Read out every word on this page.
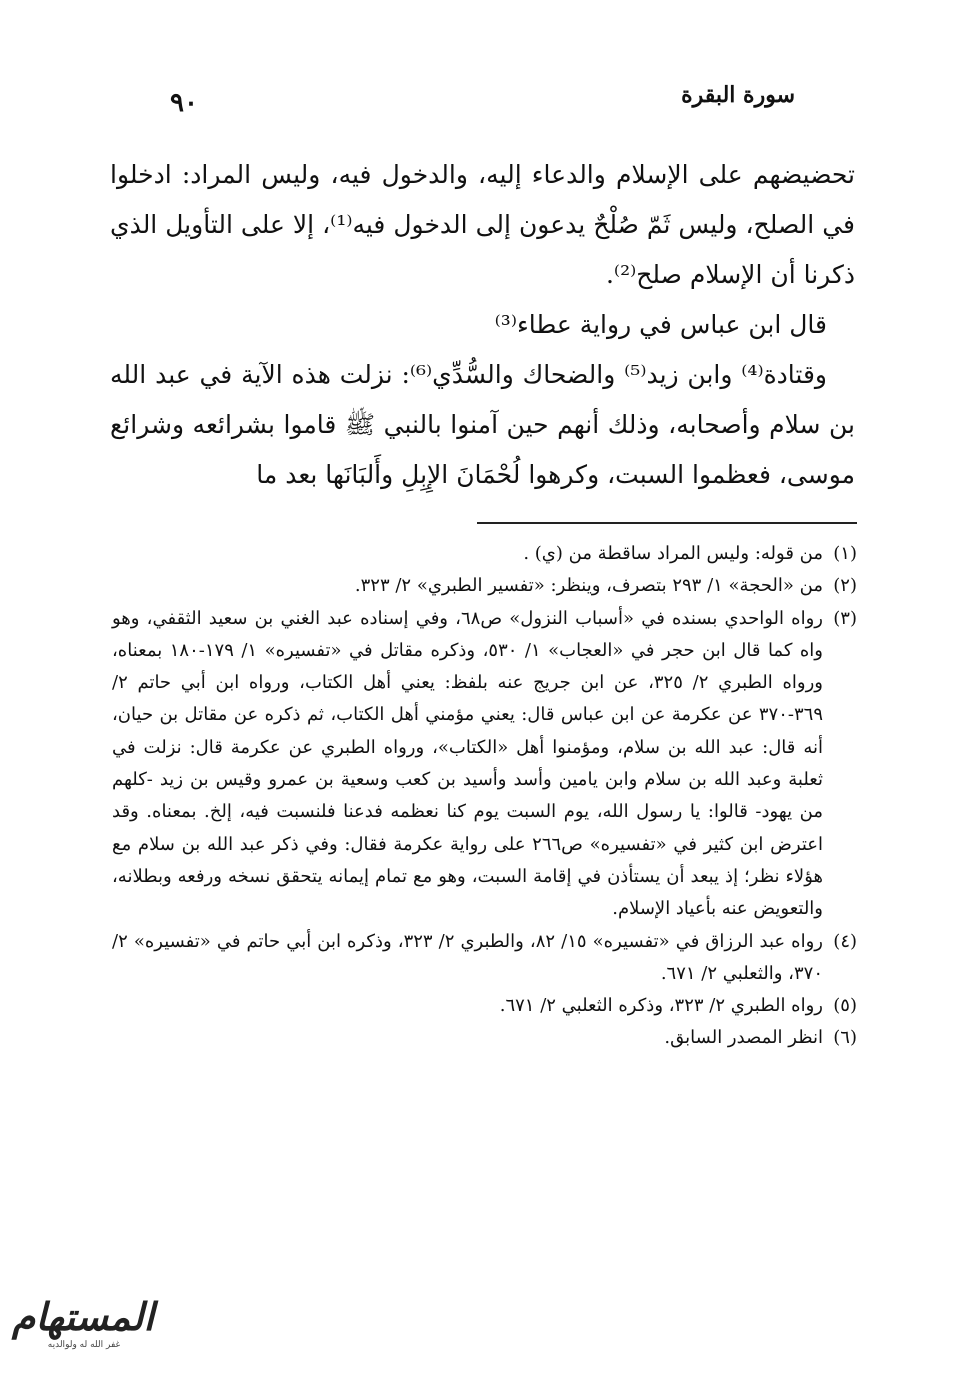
٩٠	سورة البقرة

تحضيضهم على الإسلام والدعاء إليه، والدخول فيه، وليس المراد: ادخلوا في الصلح، وليس ثَمّ صُلْحٌ يدعون إلى الدخول فيه⁽¹⁾، إلا على التأويل الذي ذكرنا أن الإسلام صلح⁽²⁾.

قال ابن عباس في رواية عطاء⁽³⁾

وقتادة⁽⁴⁾ وابن زيد⁽⁵⁾ والضحاك والسُّدِّي⁽⁶⁾: نزلت هذه الآية في عبد الله بن سلام وأصحابه، وذلك أنهم حين آمنوا بالنبي ﷺ قاموا بشرائعه وشرائع موسى، فعظموا السبت، وكرهوا لُحْمَانَ الإِبِلِ وأَلبَانَها بعد ما

(١)من قوله: وليس المراد ساقطة من (ي) .

(٢)من «الحجة» ١/ ٢٩٣ بتصرف، وينظر: «تفسير الطبري» ٢/ ٣٢٣.

(٣)رواه الواحدي بسنده في «أسباب النزول» ص٦٨، وفي إسناده عبد الغني بن سعيد الثقفي، وهو واه كما قال ابن حجر في «العجاب» ١/ ٥٣٠، وذكره مقاتل في «تفسيره» ١/ ١٧٩-١٨٠ بمعناه، ورواه الطبري ٢/ ٣٢٥، عن ابن جريج عنه بلفظ: يعني أهل الكتاب، ورواه ابن أبي حاتم ٢/ ٣٦٩-٣٧٠ عن عكرمة عن ابن عباس قال: يعني مؤمني أهل الكتاب، ثم ذكره عن مقاتل بن حيان، أنه قال: عبد الله بن سلام، ومؤمنوا أهل «الكتاب»، ورواه الطبري عن عكرمة قال: نزلت في ثعلبة وعبد الله بن سلام وابن يامين وأسد وأسيد بن كعب وسعية بن عمرو وقيس بن زيد -كلهم من يهود- قالوا: يا رسول الله، يوم السبت يوم كنا نعظمه فدعنا فلنسبت فيه، إلخ. بمعناه. وقد اعترض ابن كثير في «تفسيره» ص٢٦٦ على رواية عكرمة فقال: وفي ذكر عبد الله بن سلام مع هؤلاء نظر؛ إذ يبعد أن يستأذن في إقامة السبت، وهو مع تمام إيمانه يتحقق نسخه ورفعه وبطلانه، والتعويض عنه بأعياد الإسلام.

(٤)رواه عبد الرزاق في «تفسيره» ١٥/ ٨٢، والطبري ٢/ ٣٢٣، وذكره ابن أبي حاتم في «تفسيره» ٢/ ٣٧٠، والثعلبي ٢/ ٦٧١.

(٥)رواه الطبري ٢/ ٣٢٣، وذكره الثعلبي ٢/ ٦٧١.

(٦)انظر المصدر السابق.

المستهام
غفر الله له ولوالديه
